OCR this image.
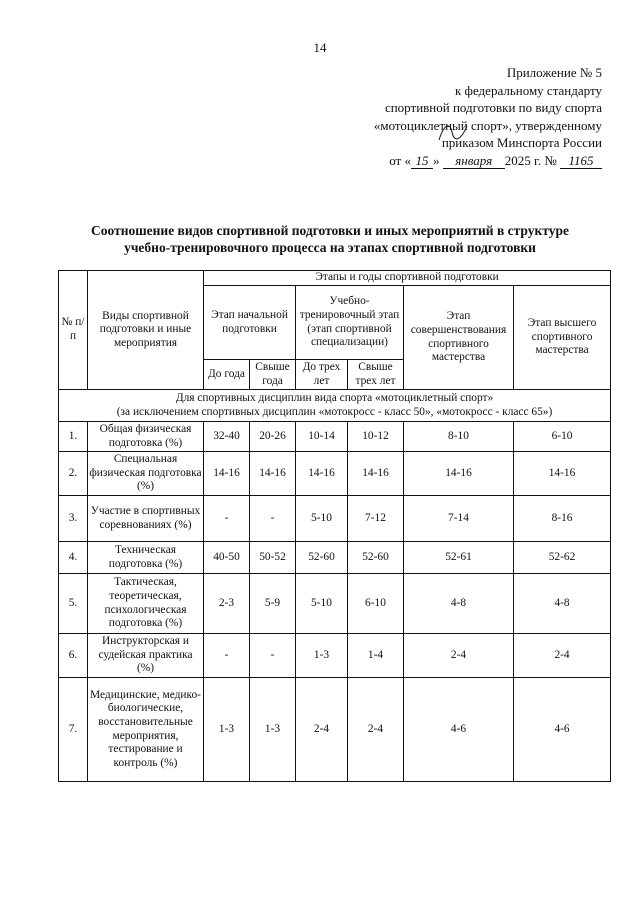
14
Приложение № 5
к федеральному стандарту
спортивной подготовки по виду спорта
«мотоциклетный спорт», утвержденному
приказом Минспорта России
от « 15 » января 2025 г. № 1165
Соотношение видов спортивной подготовки и иных мероприятий в структуре
учебно-тренировочного процесса на этапах спортивной подготовки
№ п/п	Виды спортивной подготовки и иные мероприятия	Этапы и годы спортивной подготовки					
		Этап начальной подготовки		Учебно-тренировочный этап (этап спортивной специализации)		Этап совершенствования спортивного мастерства	Этап высшего спортивного мастерства
		До года	Свыше года	До трех лет	Свыше трех лет		

Для спортивных дисциплин вида спорта «мотоциклетный спорт»
(за исключением спортивных дисциплин «мотокросс - класс 50», «мотокросс - класс 65»)							

1.	Общая физическая подготовка (%)	32-40	20-26	10-14	10-12	8-10	6-10
2.	Специальная физическая подготовка (%)	14-16	14-16	14-16	14-16	14-16	14-16
3.	Участие в спортивных соревнованиях (%)	-	-	5-10	7-12	7-14	8-16
4.	Техническая подготовка (%)	40-50	50-52	52-60	52-60	52-61	52-62
5.	Тактическая, теоретическая, психологическая подготовка (%)	2-3	5-9	5-10	6-10	4-8	4-8
6.	Инструкторская и судейская практика (%)	-	-	1-3	1-4	2-4	2-4
7.	Медицинские, медико-биологические, восстановительные мероприятия, тестирование и контроль (%)	1-3	1-3	2-4	2-4	4-6	4-6
